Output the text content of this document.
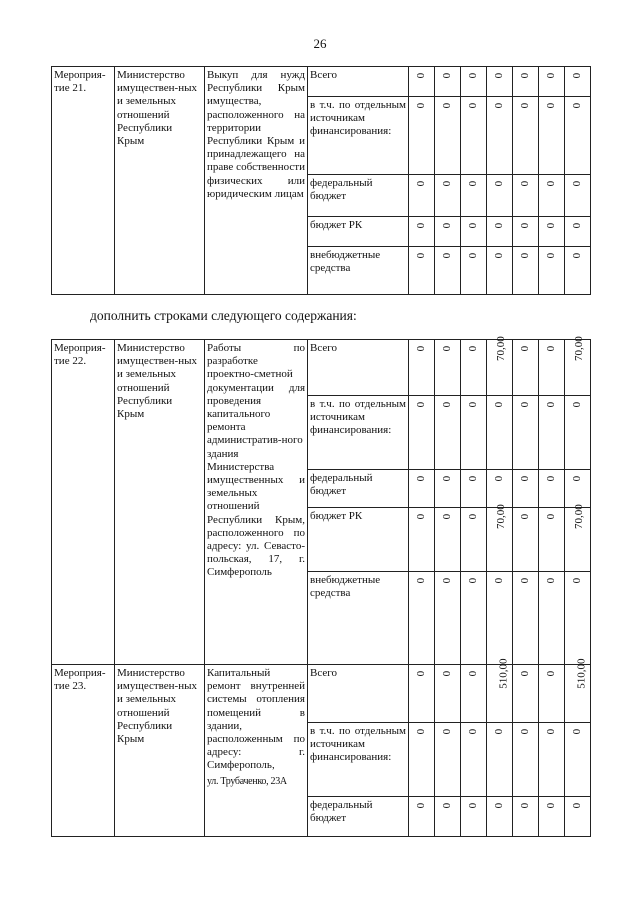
26
Мероприя-тие 21.	Министерство имуществен-ных и земельных отношений Республики Крым	Выкуп для нужд Республики Крым имущества, расположенного на территории Республики Крым и принадлежащего на праве собственности физических или юридическим лицам	Всего	0	0	0	0	0	0	0
			в т.ч. по отдельным источникам финансирования:	0	0	0	0	0	0	0
			федеральный бюджет	0	0	0	0	0	0	0
			бюджет РК	0	0	0	0	0	0	0
			внебюджетные средства	0	0	0	0	0	0	0
дополнить строками следующего содержания:
Мероприя-тие 22.	Министерство имуществен-ных и земельных отношений Республики Крым	Работы по разработке проектно-сметной документации для проведения капитального ремонта административ-ного здания Министерства имущественных и земельных отношений Республики Крым, расположенного по адресу: ул. Севасто-польская, 17, г. Симферополь	Всего	0	0	0	70,00	0	0	70,00
			в т.ч. по отдельным источникам финансирования:	0	0	0	0	0	0	0
			федеральный бюджет	0	0	0	0	0	0	0
			бюджет РК	0	0	0	70,00	0	0	70,00
			внебюджетные средства	0	0	0	0	0	0	0
Мероприя-тие 23.	Министерство имуществен-ных и земельных отношений Республики Крым	Капитальный ремонт внутренней системы отопления помещений в здании, расположенным по адресу: г. Симферополь,
ул. Трубаченко, 23А	Всего	0	0	0	510,00	0	0	510,00
			в т.ч. по отдельным источникам финансирования:	0	0	0	0	0	0	0
			федеральный бюджет	0	0	0	0	0	0	0
